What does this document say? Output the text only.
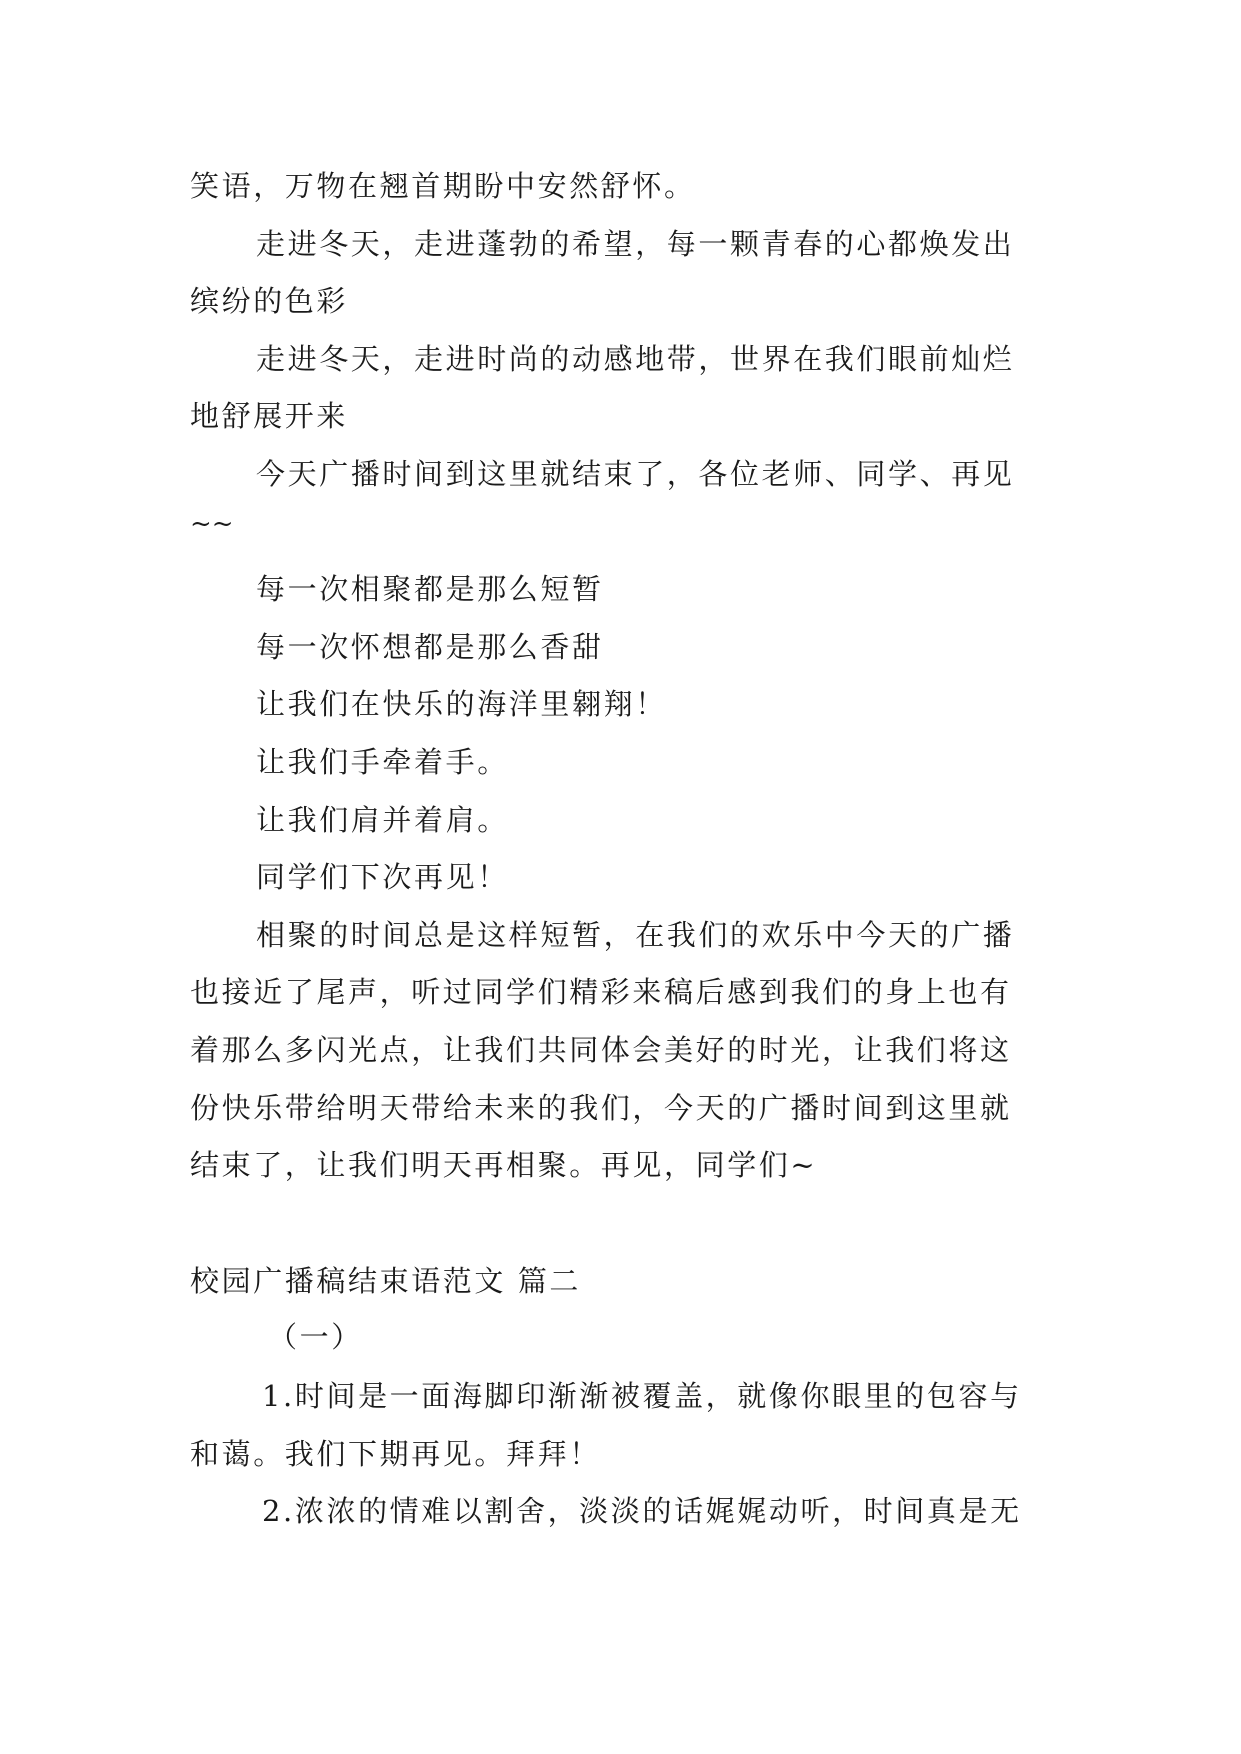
笑语，万物在翘首期盼中安然舒怀。
走进冬天，走进蓬勃的希望，每一颗青春的心都焕发出
缤纷的色彩
走进冬天，走进时尚的动感地带，世界在我们眼前灿烂
地舒展开来
今天广播时间到这里就结束了，各位老师、同学、再见
~~
每一次相聚都是那么短暂
每一次怀想都是那么香甜
让我们在快乐的海洋里翱翔！
让我们手牵着手。
让我们肩并着肩。
同学们下次再见！
相聚的时间总是这样短暂，在我们的欢乐中今天的广播
也接近了尾声，听过同学们精彩来稿后感到我们的身上也有
着那么多闪光点，让我们共同体会美好的时光，让我们将这
份快乐带给明天带给未来的我们，今天的广播时间到这里就
结束了，让我们明天再相聚。再见，同学们~
校园广播稿结束语范文 篇二
（一）
1.时间是一面海脚印渐渐被覆盖，就像你眼里的包容与
和蔼。我们下期再见。拜拜！
2.浓浓的情难以割舍，淡淡的话娓娓动听，时间真是无
